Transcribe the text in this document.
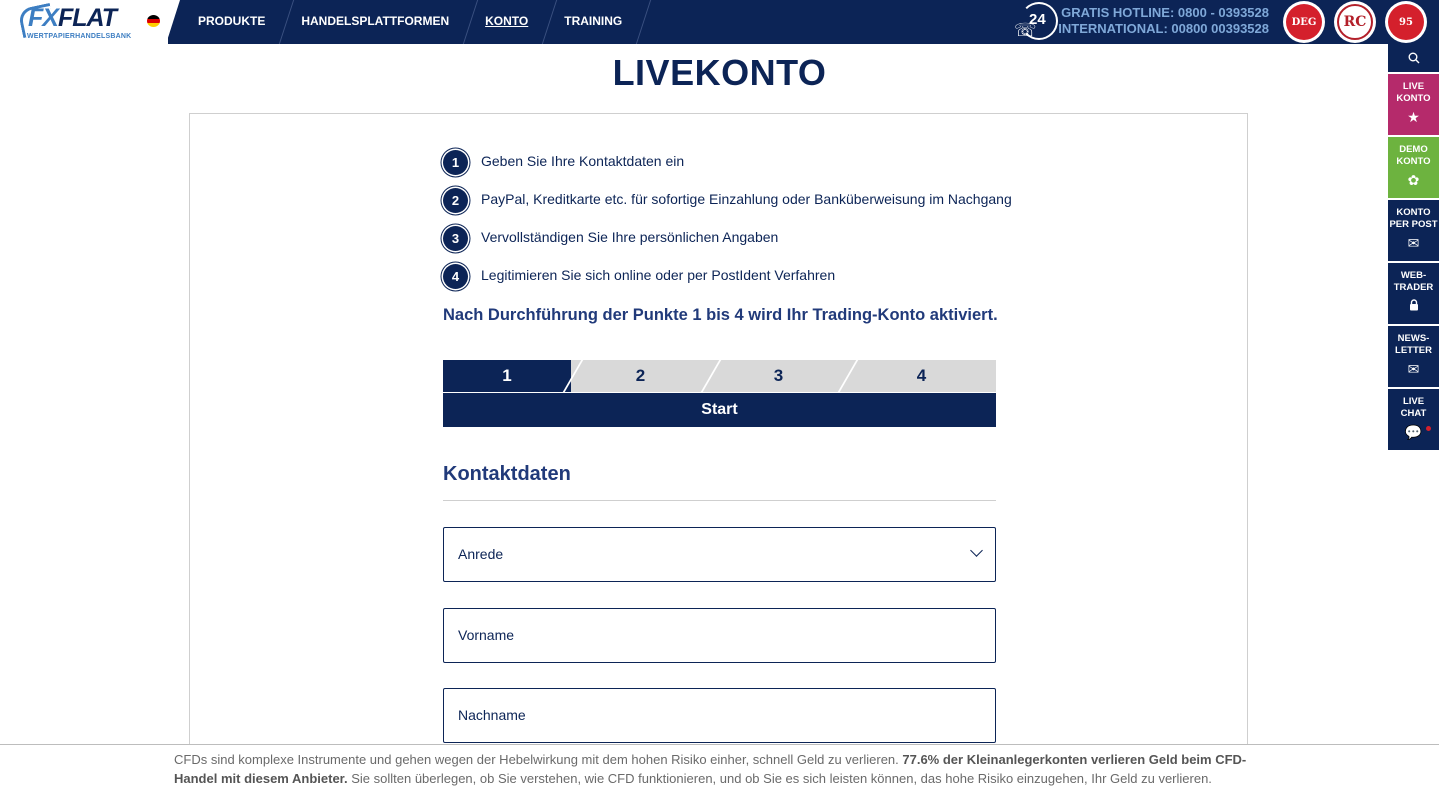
FXFLAT
WERTPAPIERHANDELSBANK
PRODUKTE	HANDELSPLATTFORMEN	KONTO	TRAINING	24
☏
GRATIS HOTLINE: 0800 - 0393528
INTERNATIONAL: 00800 00393528	DEG	RC	95
LIVE
KONTO
★
DEMO
KONTO
✿
KONTO
PER POST
✉
WEB-
TRADER
NEWS-
LETTER
✉
LIVE
CHAT
💬
LIVEKONTO
1	Geben Sie Ihre Kontaktdaten ein
2	PayPal, Kreditkarte etc. für sofortige Einzahlung oder Banküberweisung im Nachgang
3	Vervollständigen Sie Ihre persönlichen Angaben
4	Legitimieren Sie sich online oder per PostIdent Verfahren
Nach Durchführung der Punkte 1 bis 4 wird Ihr Trading-Konto aktiviert.
1	2	3	4
Start
Kontaktdaten
Anrede
Vorname
Nachname

CFDs sind komplexe Instrumente und gehen wegen der Hebelwirkung mit dem hohen Risiko einher, schnell Geld zu verlieren. 77.6% der Kleinanlegerkonten verlieren Geld beim CFD-Handel mit diesem Anbieter. Sie sollten überlegen, ob Sie verstehen, wie CFD funktionieren, und ob Sie es sich leisten können, das hohe Risiko einzugehen, Ihr Geld zu verlieren.
